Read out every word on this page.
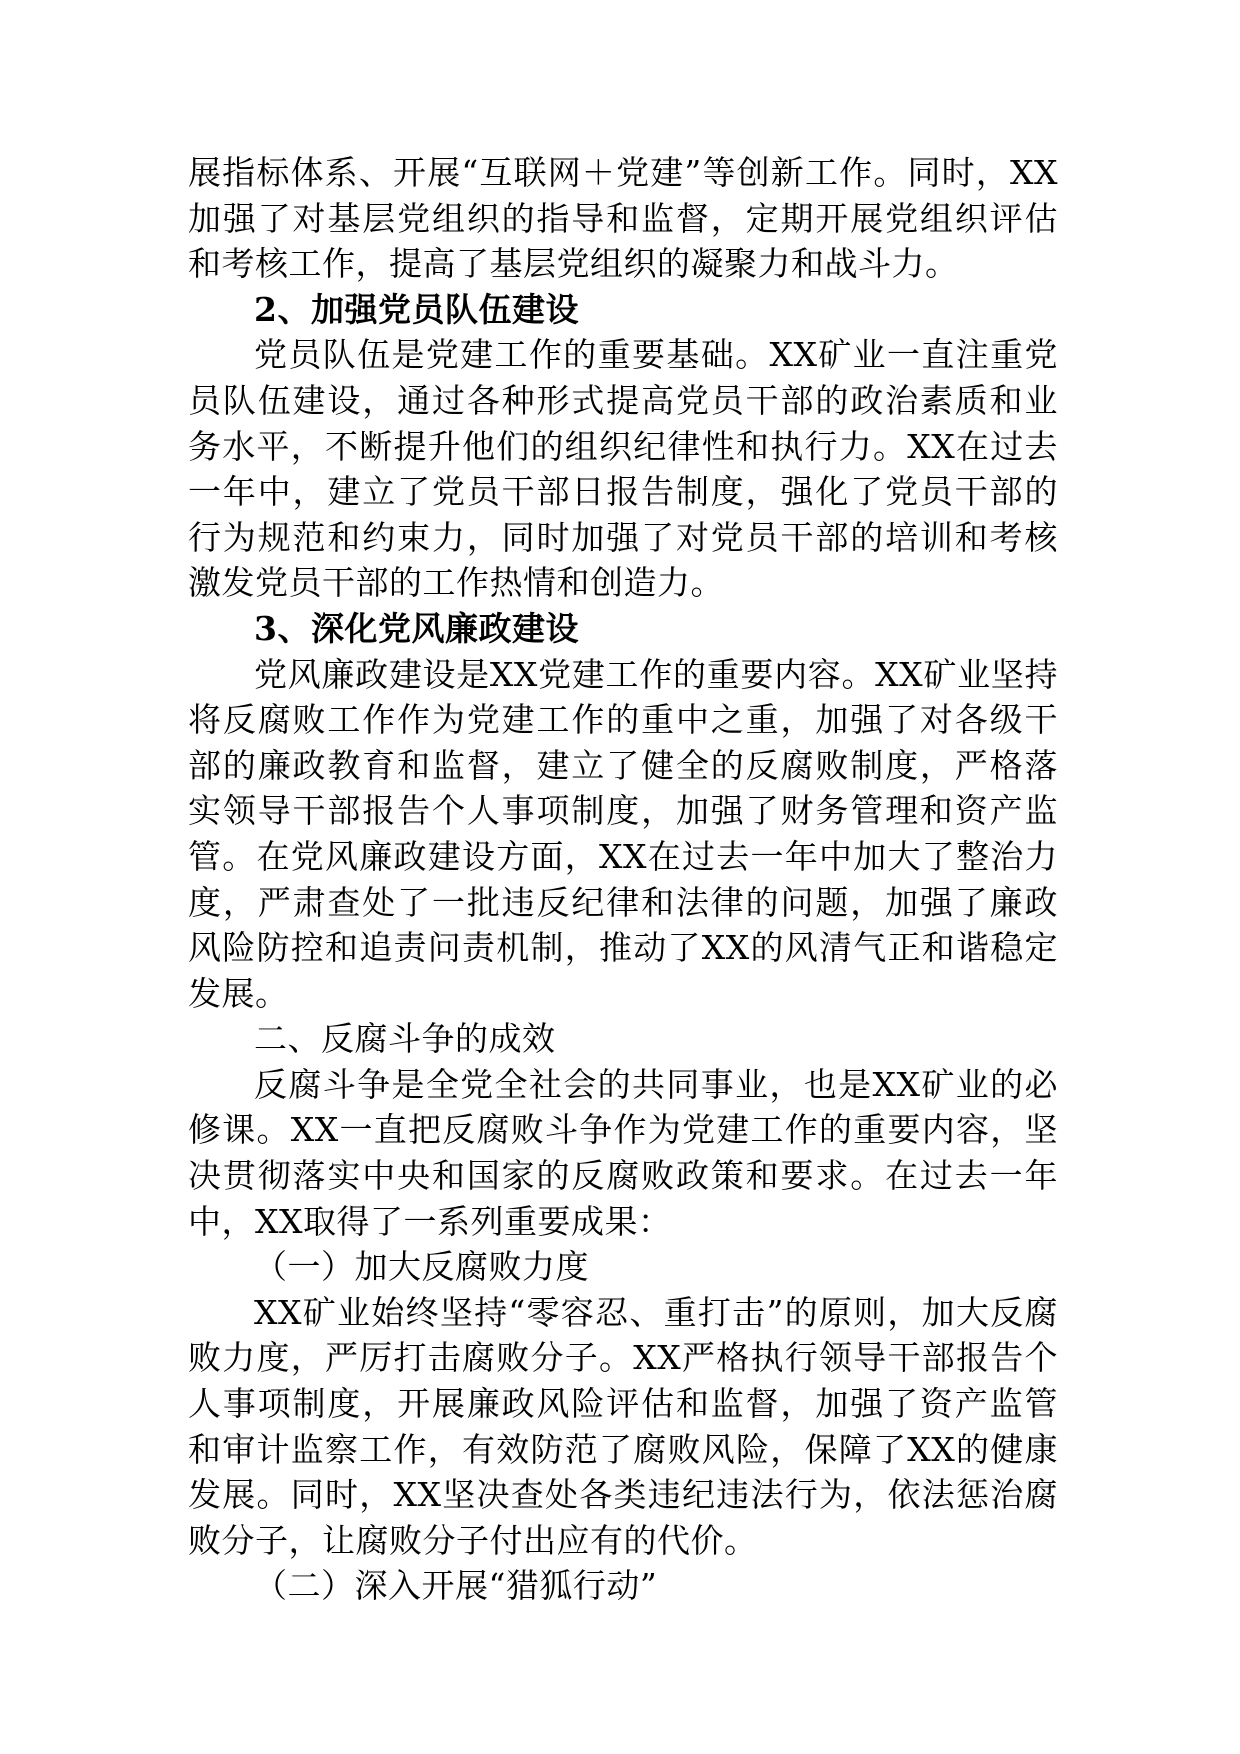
展指标体系、开展“互联网＋党建”等创新工作。同时，XX加强了对基层党组织的指导和监督，定期开展党组织评估和考核工作，提高了基层党组织的凝聚力和战斗力。

2、加强党员队伍建设

党员队伍是党建工作的重要基础。XX矿业一直注重党员队伍建设，通过各种形式提高党员干部的政治素质和业务水平，不断提升他们的组织纪律性和执行力。XX在过去一年中，建立了党员干部日报告制度，强化了党员干部的行为规范和约束力，同时加强了对党员干部的培训和考核激发党员干部的工作热情和创造力。

3、深化党风廉政建设

党风廉政建设是XX党建工作的重要内容。XX矿业坚持将反腐败工作作为党建工作的重中之重，加强了对各级干部的廉政教育和监督，建立了健全的反腐败制度，严格落实领导干部报告个人事项制度，加强了财务管理和资产监管。在党风廉政建设方面，XX在过去一年中加大了整治力度，严肃查处了一批违反纪律和法律的问题，加强了廉政风险防控和追责问责机制，推动了XX的风清气正和谐稳定发展。

二、反腐斗争的成效

反腐斗争是全党全社会的共同事业，也是XX矿业的必修课。XX一直把反腐败斗争作为党建工作的重要内容，坚决贯彻落实中央和国家的反腐败政策和要求。在过去一年中，XX取得了一系列重要成果：

（一）加大反腐败力度

XX矿业始终坚持“零容忍、重打击”的原则，加大反腐败力度，严厉打击腐败分子。XX严格执行领导干部报告个人事项制度，开展廉政风险评估和监督，加强了资产监管和审计监察工作，有效防范了腐败风险，保障了XX的健康发展。同时，XX坚决查处各类违纪违法行为，依法惩治腐败分子，让腐败分子付出应有的代价。

（二）深入开展“猎狐行动”
